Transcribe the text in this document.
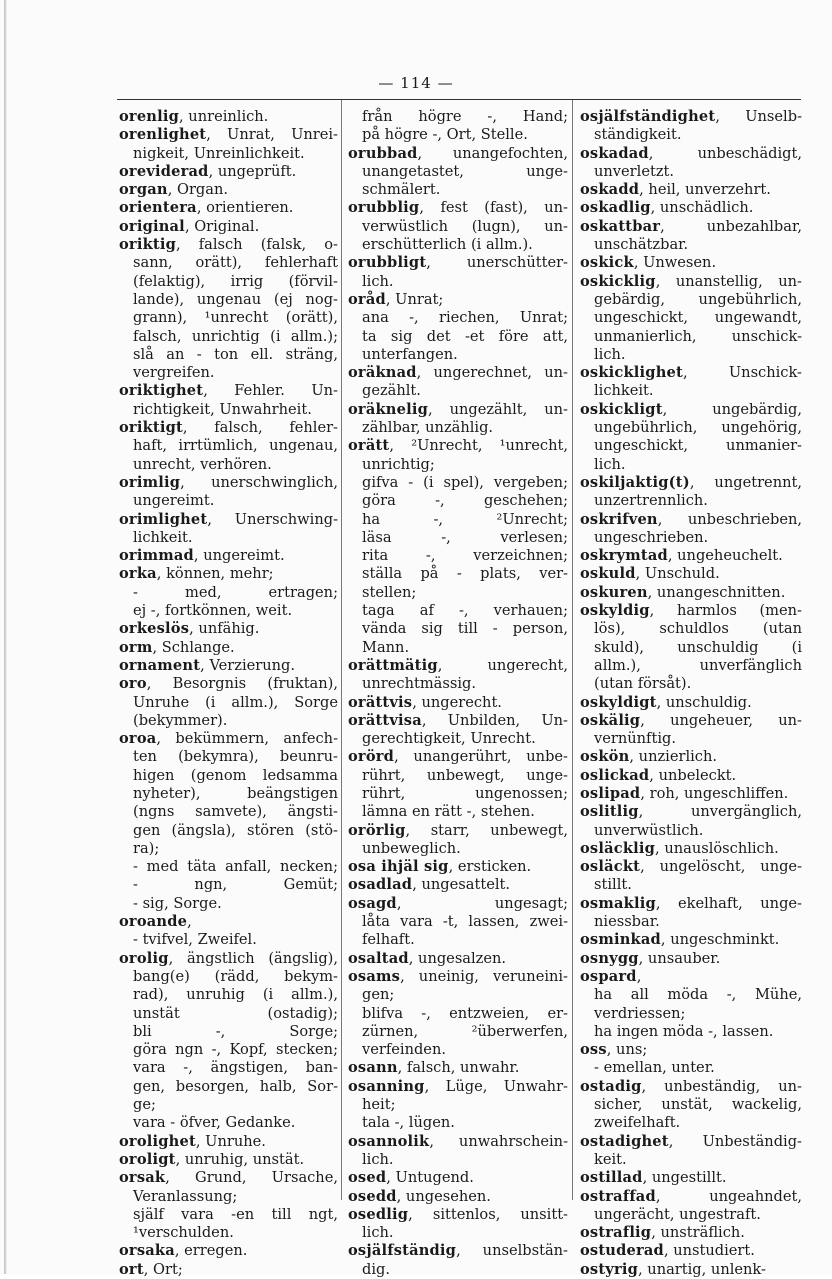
— 114 —
orenlig, unreinlich.
orenlighet, Unrat, Unrei-
nigkeit, Unreinlichkeit.
oreviderad, ungeprüft.
organ, Organ.
orientera, orientieren.
original, Original.
oriktig, falsch (falsk, o-
sann, orätt), fehlerhaft
(felaktig), irrig (förvil-
lande), ungenau (ej nog-
grann), ¹unrecht (orätt),
falsch, unrichtig (i allm.);
slå an - ton ell. sträng,
vergreifen.
oriktighet, Fehler. Un-
richtigkeit, Unwahrheit.
oriktigt, falsch, fehler-
haft, irrtümlich, ungenau,
unrecht, verhören.
orimlig, unerschwinglich,
ungereimt.
orimlighet, Unerschwing-
lichkeit.
orimmad, ungereimt.
orka, können, mehr;
- med, ertragen;
ej -, fortkönnen, weit.
orkeslös, unfähig.
orm, Schlange.
ornament, Verzierung.
oro, Besorgnis (fruktan),
Unruhe (i allm.), Sorge
(bekymmer).
oroa, bekümmern, anfech-
ten (bekymra), beunru-
higen (genom ledsamma
nyheter), beängstigen
(ngns samvete), ängsti-
gen (ängsla), stören (stö-
ra);
- med täta anfall, necken;
- ngn, Gemüt;
- sig, Sorge.
oroande,
- tvifvel, Zweifel.
orolig, ängstlich (ängslig),
bang(e) (rädd, bekym-
rad), unruhig (i allm.),
unstät (ostadig);
bli -, Sorge;
göra ngn -, Kopf, stecken;
vara -, ängstigen, ban-
gen, besorgen, halb, Sor-
ge;
vara - öfver, Gedanke.
orolighet, Unruhe.
oroligt, unruhig, unstät.
orsak, Grund, Ursache,
Veranlassung;
själf vara -en till ngt,
¹verschulden.
orsaka, erregen.
ort, Ort;
från högre -, Hand;
på högre -, Ort, Stelle.
orubbad, unangefochten,
unangetastet, unge-
schmälert.
orubblig, fest (fast), un-
verwüstlich (lugn), un-
erschütterlich (i allm.).
orubbligt, unerschütter-
lich.
oråd, Unrat;
ana -, riechen, Unrat;
ta sig det -et före att,
unterfangen.
oräknad, ungerechnet, un-
gezählt.
oräknelig, ungezählt, un-
zählbar, unzählig.
orätt, ²Unrecht, ¹unrecht,
unrichtig;
gifva - (i spel), vergeben;
göra -, geschehen;
ha -, ²Unrecht;
läsa -, verlesen;
rita -, verzeichnen;
ställa på - plats, ver-
stellen;
taga af -, verhauen;
vända sig till - person,
Mann.
orättmätig, ungerecht,
unrechtmässig.
orättvis, ungerecht.
orättvisa, Unbilden, Un-
gerechtigkeit, Unrecht.
orörd, unangerührt, unbe-
rührt, unbewegt, unge-
rührt, ungenossen;
lämna en rätt -, stehen.
orörlig, starr, unbewegt,
unbeweglich.
osa ihjäl sig, ersticken.
osadlad, ungesattelt.
osagd, ungesagt;
låta vara -t, lassen, zwei-
felhaft.
osaltad, ungesalzen.
osams, uneinig, veruneini-
gen;
blifva -, entzweien, er-
zürnen, ²überwerfen,
verfeinden.
osann, falsch, unwahr.
osanning, Lüge, Unwahr-
heit;
tala -, lügen.
osannolik, unwahrschein-
lich.
osed, Untugend.
osedd, ungesehen.
osedlig, sittenlos, unsitt-
lich.
osjälfständig, unselbstän-
dig.
osjälfständighet, Unselb-
ständigkeit.
oskadad, unbeschädigt,
unverletzt.
oskadd, heil, unverzehrt.
oskadlig, unschädlich.
oskattbar, unbezahlbar,
unschätzbar.
oskick, Unwesen.
oskicklig, unanstellig, un-
gebärdig, ungebührlich,
ungeschickt, ungewandt,
unmanierlich, unschick-
lich.
oskicklighet, Unschick-
lichkeit.
oskickligt, ungebärdig,
ungebührlich, ungehörig,
ungeschickt, unmanier-
lich.
oskiljaktig(t), ungetrennt,
unzertrennlich.
oskrifven, unbeschrieben,
ungeschrieben.
oskrymtad, ungeheuchelt.
oskuld, Unschuld.
oskuren, unangeschnitten.
oskyldig, harmlos (men-
lös), schuldlos (utan
skuld), unschuldig (i
allm.), unverfänglich
(utan försåt).
oskyldigt, unschuldig.
oskälig, ungeheuer, un-
vernünftig.
oskön, unzierlich.
oslickad, unbeleckt.
oslipad, roh, ungeschliffen.
oslitlig, unvergänglich,
unverwüstlich.
osläcklig, unauslöschlich.
osläckt, ungelöscht, unge-
stillt.
osmaklig, ekelhaft, unge-
niessbar.
osminkad, ungeschminkt.
osnygg, unsauber.
ospard,
ha all möda -, Mühe,
verdriessen;
ha ingen möda -, lassen.
oss, uns;
- emellan, unter.
ostadig, unbeständig, un-
sicher, unstät, wackelig,
zweifelhaft.
ostadighet, Unbeständig-
keit.
ostillad, ungestillt.
ostraffad, ungeahndet,
ungerächt, ungestraft.
ostraflig, unsträflich.
ostuderad, unstudiert.
ostyrig, unartig, unlenk-
